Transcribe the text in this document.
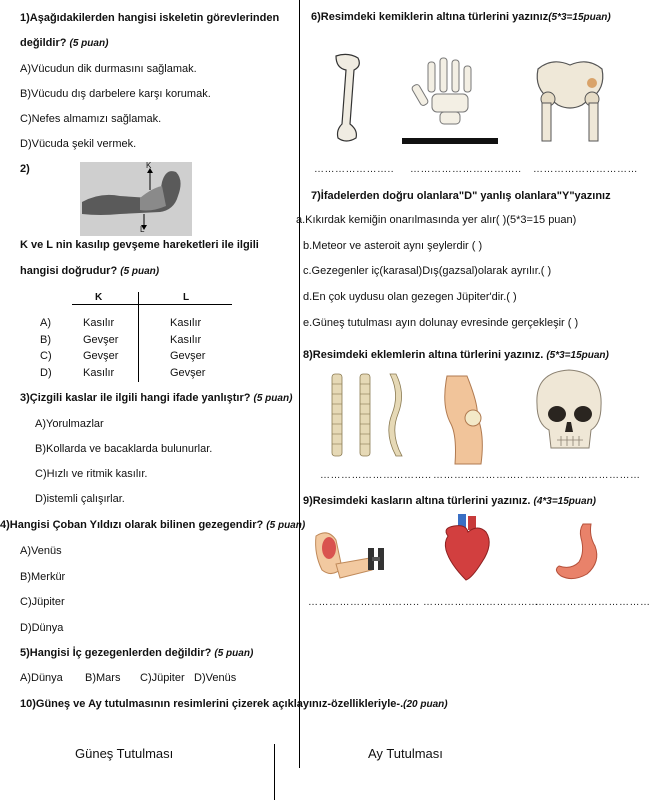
1)Aşağıdakilerden hangisi iskeletin görevlerinden
değildir? (5 puan)
A)Vücudun dik durmasını sağlamak.
B)Vücudu dış darbelere karşı korumak.
C)Nefes almamızı sağlamak.
D)Vücuda şekil vermek.
2)	K
L
K ve L nin kasılıp gevşeme hareketleri ile ilgili
hangisi doğrudur? (5 puan)
K	L
A)	Kasılır	Kasılır
B)	Gevşer	Kasılır
C)	Gevşer	Gevşer
D)	Kasılır	Gevşer
3)Çizgili kaslar ile ilgili hangi ifade yanlıştır? (5 puan)
A)Yorulmazlar
B)Kollarda ve bacaklarda bulunurlar.
C)Hızlı ve ritmik kasılır.
D)istemli çalışırlar.
4)Hangisi Çoban Yıldızı olarak bilinen gezegendir? (5 puan)
A)Venüs
B)Merkür
C)Jüpiter
D)Dünya
5)Hangisi İç gezegenlerden değildir? (5 puan)
A)Dünya B)Mars C)Jüpiter D)Venüs
10)Güneş ve Ay tutulmasının resimlerini çizerek açıklayınız-özellikleriyle-.(20 puan)
Güneş Tutulması	Ay Tutulması
6)Resimdeki kemiklerin altına türlerini yazınız(5*3=15puan)
………………….. ………………………….. …………………………
7)İfadelerden doğru olanlara"D" yanlış olanlara"Y"yazınız
a.Kıkırdak kemiğin onarılmasında yer alır( )(5*3=15 puan)
b.Meteor ve asteroit aynı şeylerdir ( )
c.Gezegenler iç(karasal)Dış(gazsal)olarak ayrılır.( )
d.En çok uydusu olan gezegen Jüpiter'dir.( )
e.Güneş tutulması ayın dolunay evresinde gerçekleşir ( )
8)Resimdeki eklemlerin altına türlerini yazınız. (5*3=15puan)
………………………….. …………………….. ……………………………
9)Resimdeki kasların altına türlerini yazınız. (4*3=15puan)
………………………….. ……………………………
……………………………
